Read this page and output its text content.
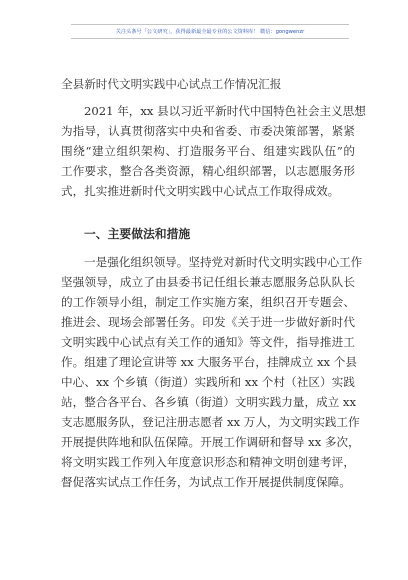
关注头条号「公文研究」，获得最新最全最专业的公文资料库！ 微信：gongwenzr
全县新时代文明实践中心试点工作情况汇报
2021 年，xx 县以习近平新时代中国特色社会主义思想
为指导，认真贯彻落实中央和省委、市委决策部署，紧紧
围绕“建立组织架构、打造服务平台、组建实践队伍”的
工作要求，整合各类资源，精心组织部署，以志愿服务形
式，扎实推进新时代文明实践中心试点工作取得成效。
一、主要做法和措施
一是强化组织领导。坚持党对新时代文明实践中心工作
坚强领导，成立了由县委书记任组长兼志愿服务总队队长
的工作领导小组，制定工作实施方案，组织召开专题会、
推进会、现场会部署任务。印发《关于进一步做好新时代
文明实践中心试点有关工作的通知》等文件，指导推进工
作。组建了理论宣讲等 xx 大服务平台，挂牌成立 xx 个县
中心、xx 个乡镇（街道）实践所和 xx 个村（社区）实践
站，整合各平台、各乡镇（街道）文明实践力量，成立 xx
支志愿服务队，登记注册志愿者 xx 万人，为文明实践工作
开展提供阵地和队伍保障。开展工作调研和督导 xx 多次，
将文明实践工作列入年度意识形态和精神文明创建考评，
督促落实试点工作任务，为试点工作开展提供制度保障。
